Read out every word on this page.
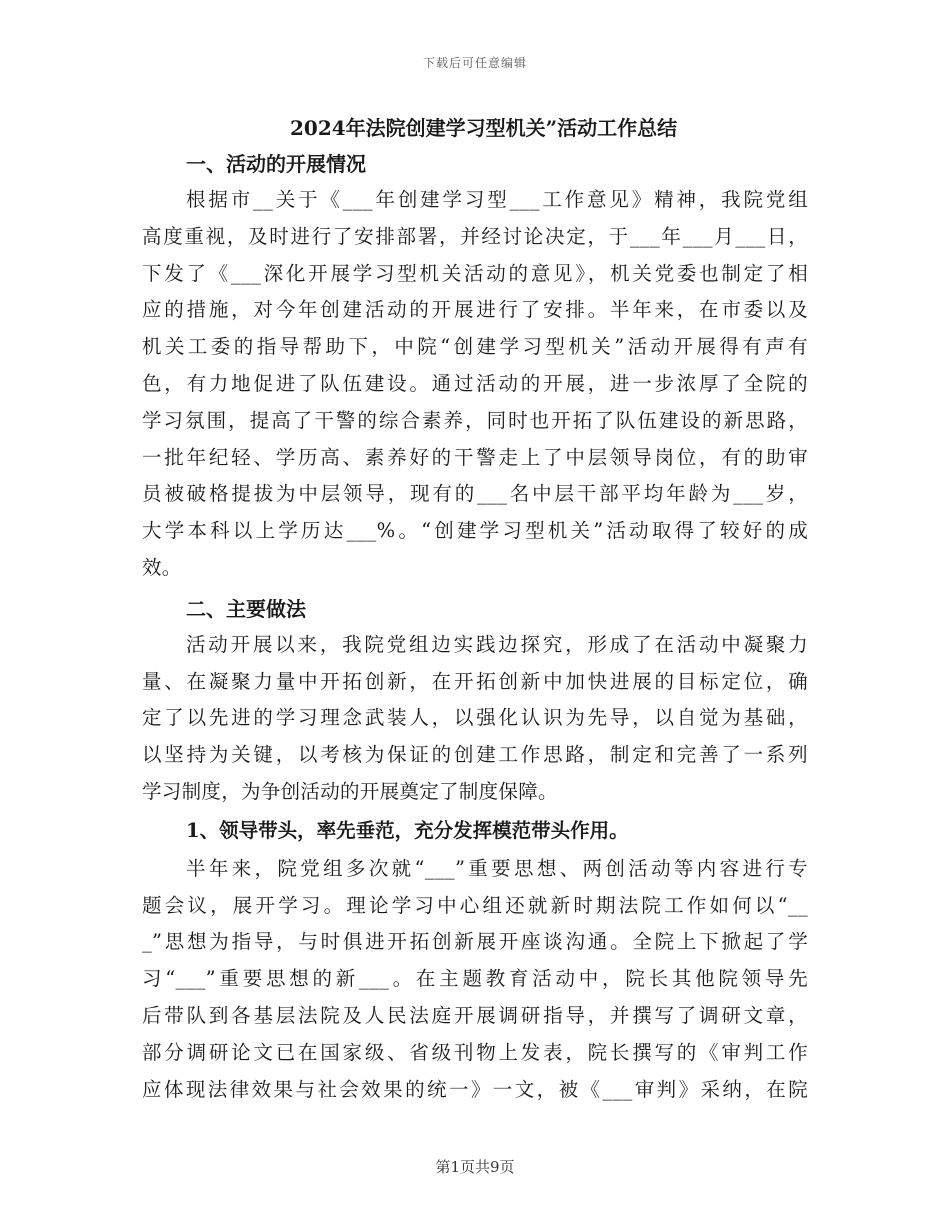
下载后可任意编辑
2024年法院创建学习型机关”活动工作总结
一、活动的开展情况
根据市__关于《___年创建学习型___工作意见》精神，我院党组
高度重视，及时进行了安排部署，并经讨论决定，于___年___月___日，
下发了《___深化开展学习型机关活动的意见》，机关党委也制定了相
应的措施，对今年创建活动的开展进行了安排。半年来，在市委以及
机关工委的指导帮助下，中院“创建学习型机关”活动开展得有声有
色，有力地促进了队伍建设。通过活动的开展，进一步浓厚了全院的
学习氛围，提高了干警的综合素养，同时也开拓了队伍建设的新思路，
一批年纪轻、学历高、素养好的干警走上了中层领导岗位，有的助审
员被破格提拔为中层领导，现有的___名中层干部平均年龄为___岁，
大学本科以上学历达___%。“创建学习型机关”活动取得了较好的成
效。
二、主要做法
活动开展以来，我院党组边实践边探究，形成了在活动中凝聚力
量、在凝聚力量中开拓创新，在开拓创新中加快进展的目标定位，确
定了以先进的学习理念武装人，以强化认识为先导，以自觉为基础，
以坚持为关键，以考核为保证的创建工作思路，制定和完善了一系列
学习制度，为争创活动的开展奠定了制度保障。
1、领导带头，率先垂范，充分发挥模范带头作用。
半年来，院党组多次就“___”重要思想、两创活动等内容进行专
题会议，展开学习。理论学习中心组还就新时期法院工作如何以“__
_”思想为指导，与时俱进开拓创新展开座谈沟通。全院上下掀起了学
习“___”重要思想的新___。在主题教育活动中，院长其他院领导先
后带队到各基层法院及人民法庭开展调研指导，并撰写了调研文章，
部分调研论文已在国家级、省级刊物上发表，院长撰写的《审判工作
应体现法律效果与社会效果的统一》一文，被《___审判》采纳，在院
第1页共9页
